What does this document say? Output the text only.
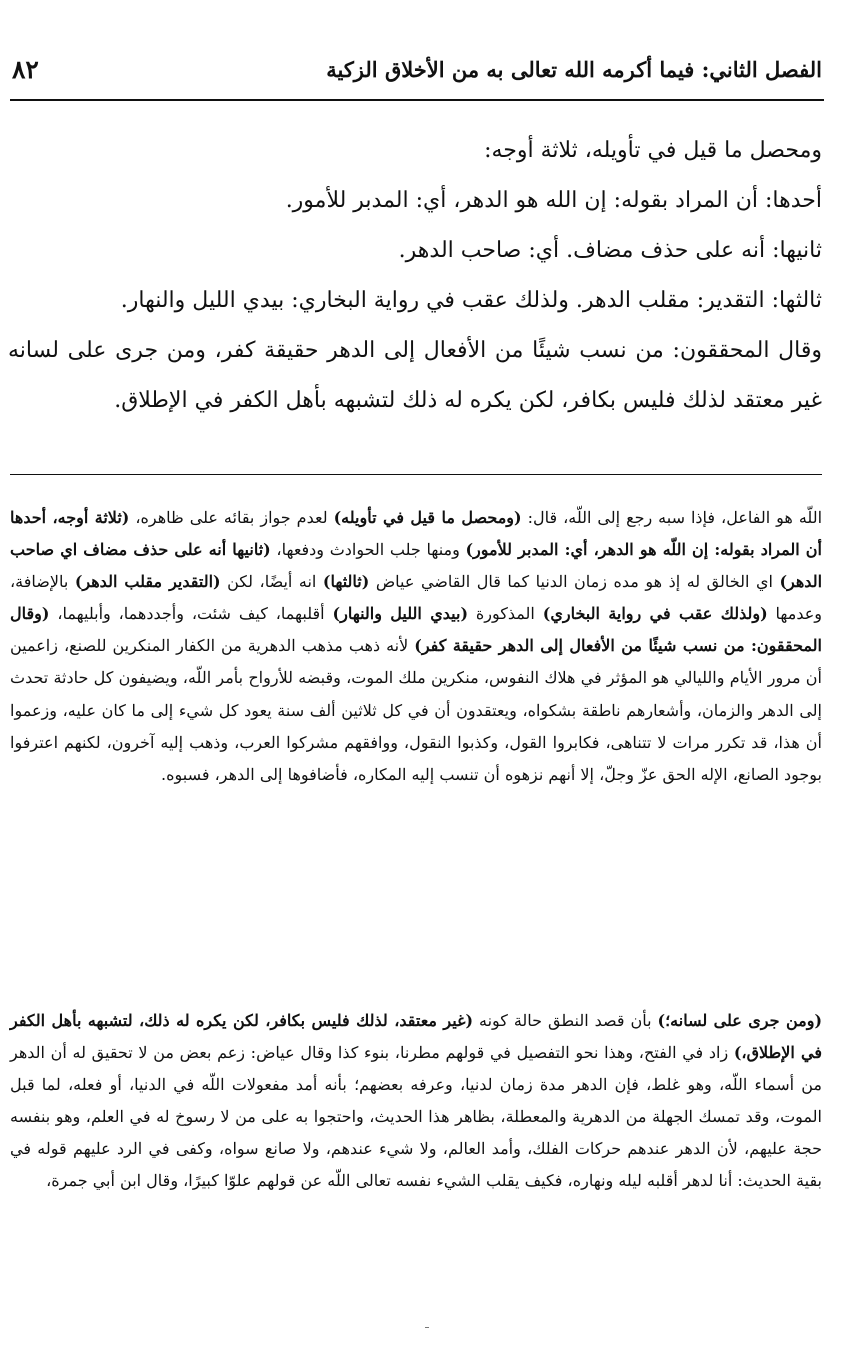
الفصل الثاني: فيما أكرمه الله تعالى به من الأخلاق الزكية
٨٢

ومحصل ما قيل في تأويله، ثلاثة أوجه:

أحدها: أن المراد بقوله: إن الله هو الدهر، أي: المدبر للأمور.

ثانيها: أنه على حذف مضاف. أي: صاحب الدهر.

ثالثها: التقدير: مقلب الدهر. ولذلك عقب في رواية البخاري: بيدي الليل والنهار.

وقال المحققون: من نسب شيئًا من الأفعال إلى الدهر حقيقة كفر، ومن جرى على لسانه غير معتقد لذلك فليس بكافر، لكن يكره له ذلك لتشبهه بأهل الكفر في الإطلاق.

اللّه هو الفاعل، فإذا سبه رجع إلى اللّه، قال: (ومحصل ما قيل في تأويله) لعدم جواز بقائه على ظاهره، (ثلاثة أوجه، أحدها أن المراد بقوله: إن اللّه هو الدهر، أي: المدبر للأمور) ومنها جلب الحوادث ودفعها، (ثانيها أنه على حذف مضاف اي صاحب الدهر) اي الخالق له إذ هو مده زمان الدنيا كما قال القاضي عياض (ثالثها) انه أيضًا، لكن (التقدير مقلب الدهر) بالإضافة، وعدمها (ولذلك عقب في رواية البخاري) المذكورة (بيدي الليل والنهار) أقلبهما، كيف شئت، وأجددهما، وأبليهما، (وقال المحققون: من نسب شيئًا من الأفعال إلى الدهر حقيقة كفر) لأنه ذهب مذهب الدهرية من الكفار المنكرين للصنع، زاعمين أن مرور الأيام والليالي هو المؤثر في هلاك النفوس، منكرين ملك الموت، وقبضه للأرواح بأمر اللّه، ويضيفون كل حادثة تحدث إلى الدهر والزمان، وأشعارهم ناطقة بشكواه، ويعتقدون أن في كل ثلاثين ألف سنة يعود كل شيء إلى ما كان عليه، وزعموا أن هذا، قد تكرر مرات لا تتناهى، فكابروا القول، وكذبوا النقول، ووافقهم مشركوا العرب، وذهب إليه آخرون، لكنهم اعترفوا بوجود الصانع، الإله الحق عزّ وجلّ، إلا أنهم نزهوه أن تنسب إليه المكاره، فأضافوها إلى الدهر، فسبوه.

(ومن جرى على لسانه؛) بأن قصد النطق حالة كونه (غير معتقد، لذلك فليس بكافر، لكن يكره له ذلك، لتشبهه بأهل الكفر في الإطلاق،) زاد في الفتح، وهذا نحو التفصيل في قولهم مطرنا، بنوء كذا وقال عياض: زعم بعض من لا تحقيق له أن الدهر من أسماء اللّه، وهو غلط، فإن الدهر مدة زمان لدنيا، وعرفه بعضهم؛ بأنه أمد مفعولات اللّه في الدنيا، أو فعله، لما قبل الموت، وقد تمسك الجهلة من الدهرية والمعطلة، بظاهر هذا الحديث، واحتجوا به على من لا رسوخ له في العلم، وهو بنفسه حجة عليهم، لأن الدهر عندهم حركات الفلك، وأمد العالم، ولا شيء عندهم، ولا صانع سواه، وكفى في الرد عليهم قوله في بقية الحديث: أنا لدهر أقلبه ليله ونهاره، فكيف يقلب الشيء نفسه تعالى اللّه عن قولهم علوّا كبيرًا، وقال ابن أبي جمرة،
